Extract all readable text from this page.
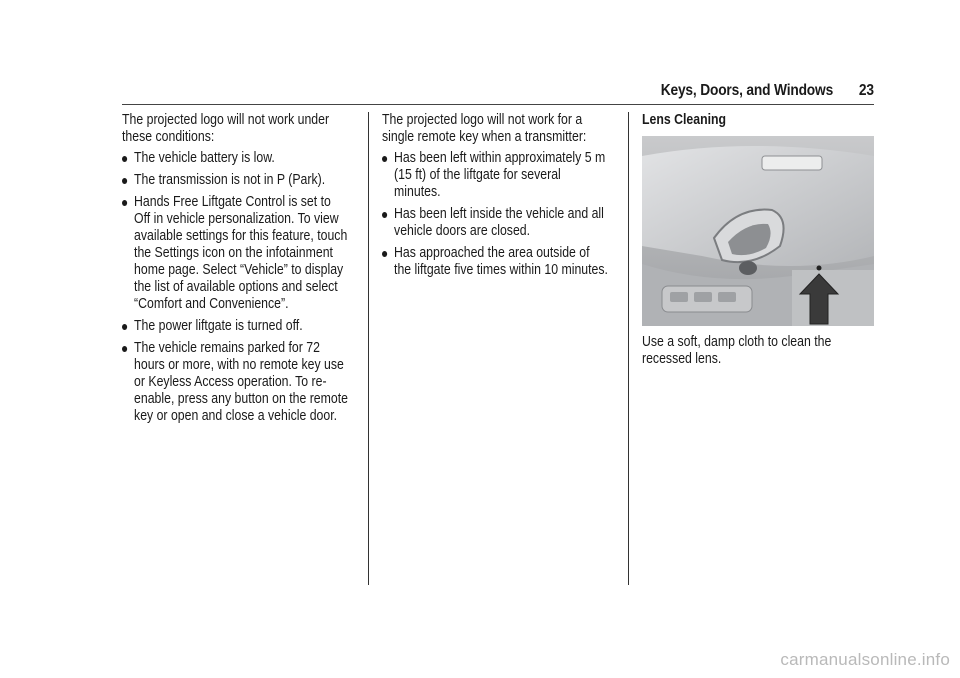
Keys, Doors, and Windows 23

The projected logo will not work under these conditions:

The vehicle battery is low.
The transmission is not in P (Park).
Hands Free Liftgate Control is set to Off in vehicle personalization. To view available settings for this feature, touch the Settings icon on the infotainment home page. Select “Vehicle” to display the list of available options and select “Comfort and Convenience”.
The power liftgate is turned off.
The vehicle remains parked for 72 hours or more, with no remote key use or Keyless Access operation. To re-enable, press any button on the remote key or open and close a vehicle door.

The projected logo will not work for a single remote key when a transmitter:

Has been left within approximately 5 m (15 ft) of the liftgate for several minutes.
Has been left inside the vehicle and all vehicle doors are closed.
Has approached the area outside of the liftgate five times within 10 minutes.
Lens Cleaning
Use a soft, damp cloth to clean the recessed lens.
carmanualsonline.info
